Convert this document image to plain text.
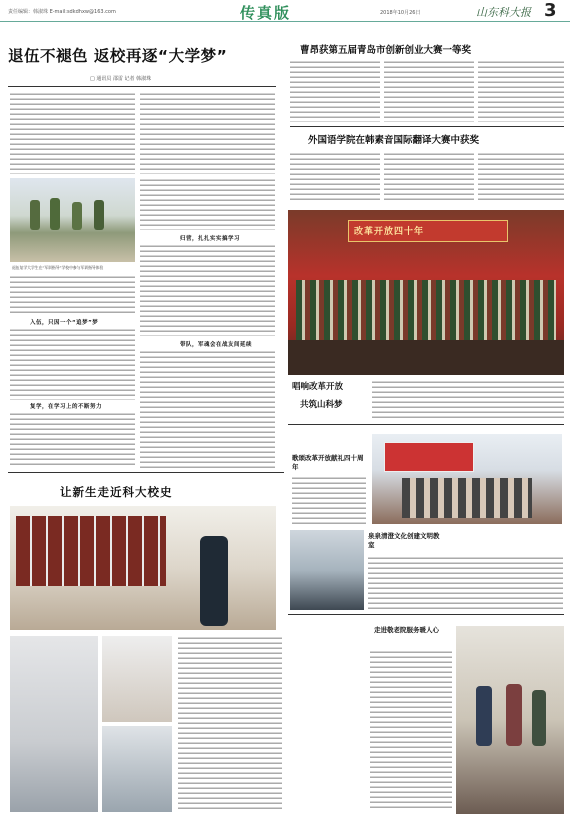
责任编辑：韩淑珠 E-mail:sdkdhxw@163.com	传真版	2018年10月26日	山东科大报 3
退伍不褪色 返校再逐“大学梦”
□ 通讯员 邵雷 记者 韩淑珠
退伍复学大学生在“军训指导”学校中参与军训指导体验
入伍，只因一个“追梦”梦
复学，在学习上的不断努力
归营，扎扎实实搞学习
带队，军魂会在战友间延续
曹昂获第五届青岛市创新创业大赛一等奖
外国语学院在韩素音国际翻译大赛中获奖
改革开放四十年
唱响改革开放
共筑山科梦
歌颂改革开放献礼四十周年
泉泉清澄文化创建文明教室
走进敬老院服务暖人心
让新生走近科大校史
